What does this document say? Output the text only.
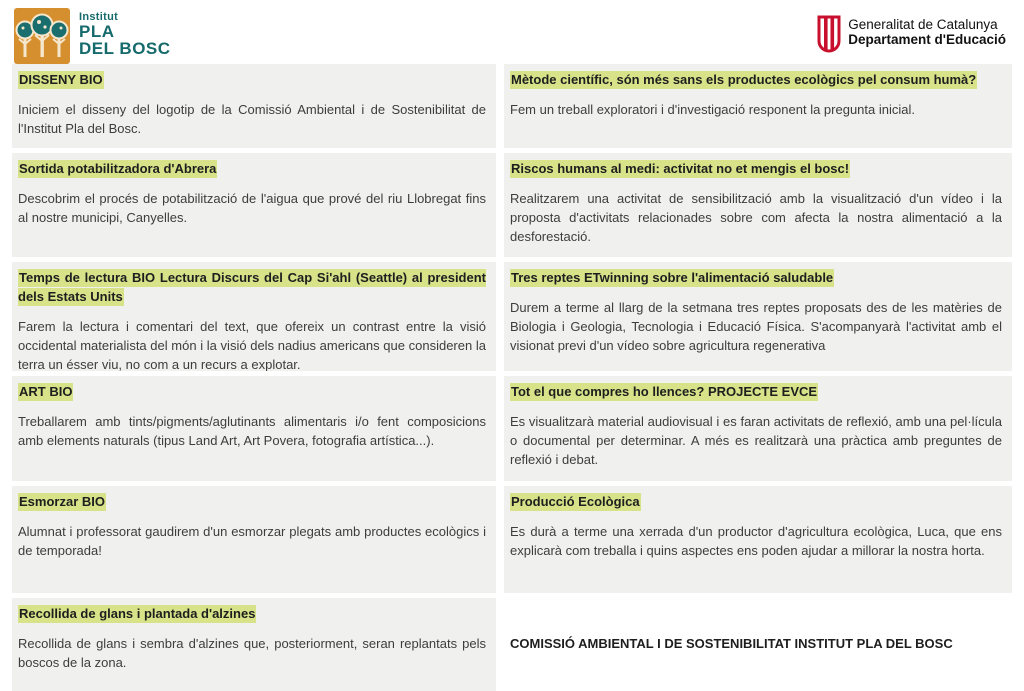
Institut
PLA
DEL BOSC
Generalitat de Catalunya
Departament d'Educació
DISSENY BIO

Iniciem el disseny del logotip de la Comissió Ambiental i de Sostenibilitat de l'Institut Pla del Bosc.

Mètode científic, són més sans els productes ecològics pel consum humà?

Fem un treball exploratori i d'investigació responent la pregunta inicial.

Sortida potabilitzadora d'Abrera

Descobrim el procés de potabilització de l'aigua que prové del riu Llobregat fins al nostre municipi, Canyelles.

Riscos humans al medi: activitat no et mengis el bosc!

Realitzarem una activitat de sensibilització amb la visualització d'un vídeo i la proposta d'activitats relacionades sobre com afecta la nostra alimentació a la desforestació.

Temps de lectura BIO Lectura Discurs del Cap Si'ahl (Seattle) al president dels Estats Units

Farem la lectura i comentari del text, que ofereix un contrast entre la visió occidental materialista del món i la visió dels nadius americans que consideren la terra un ésser viu, no com a un recurs a explotar.

Tres reptes ETwinning sobre l'alimentació saludable

Durem a terme al llarg de la setmana tres reptes proposats des de les matèries de Biologia i Geologia, Tecnologia i Educació Física. S'acompanyarà l'activitat amb el visionat previ d'un vídeo sobre agricultura regenerativa

ART BIO

Treballarem amb tints/pigments/aglutinants alimentaris i/o fent composicions amb elements naturals (tipus Land Art, Art Povera, fotografia artística...).

Tot el que compres ho llences? PROJECTE EVCE

Es visualitzarà material audiovisual i es faran activitats de reflexió, amb una pel·lícula o documental per determinar. A més es realitzarà una pràctica amb preguntes de reflexió i debat.

Esmorzar BIO

Alumnat i professorat gaudirem d'un esmorzar plegats amb productes ecològics i de temporada!

Producció Ecològica

Es durà a terme una xerrada d'un productor d'agricultura ecològica, Luca, que ens explicarà com treballa i quins aspectes ens poden ajudar a millorar la nostra horta.

Recollida de glans i plantada d'alzines

Recollida de glans i sembra d'alzines que, posteriorment, seran replantats pels boscos de la zona.

COMISSIÓ AMBIENTAL I DE SOSTENIBILITAT INSTITUT PLA DEL BOSC
